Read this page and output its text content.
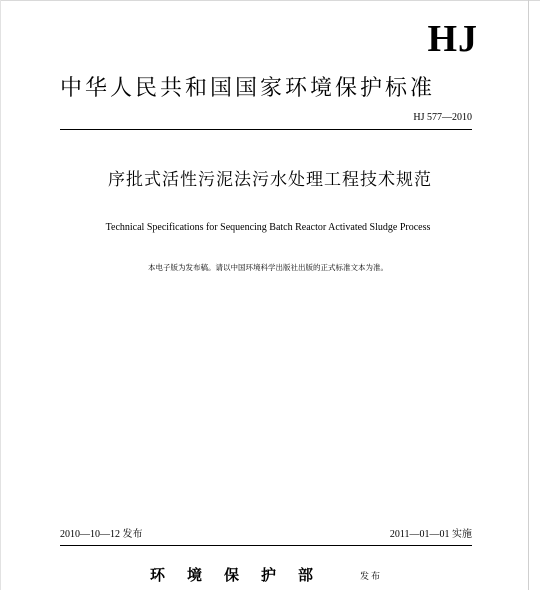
HJ
中华人民共和国国家环境保护标准
HJ 577—2010
序批式活性污泥法污水处理工程技术规范
Technical Specifications for Sequencing Batch Reactor Activated Sludge Process
本电子版为发布稿。请以中国环境科学出版社出版的正式标准文本为准。
2010—10—12 发布	2011—01—01 实施
环境保护部	发布
